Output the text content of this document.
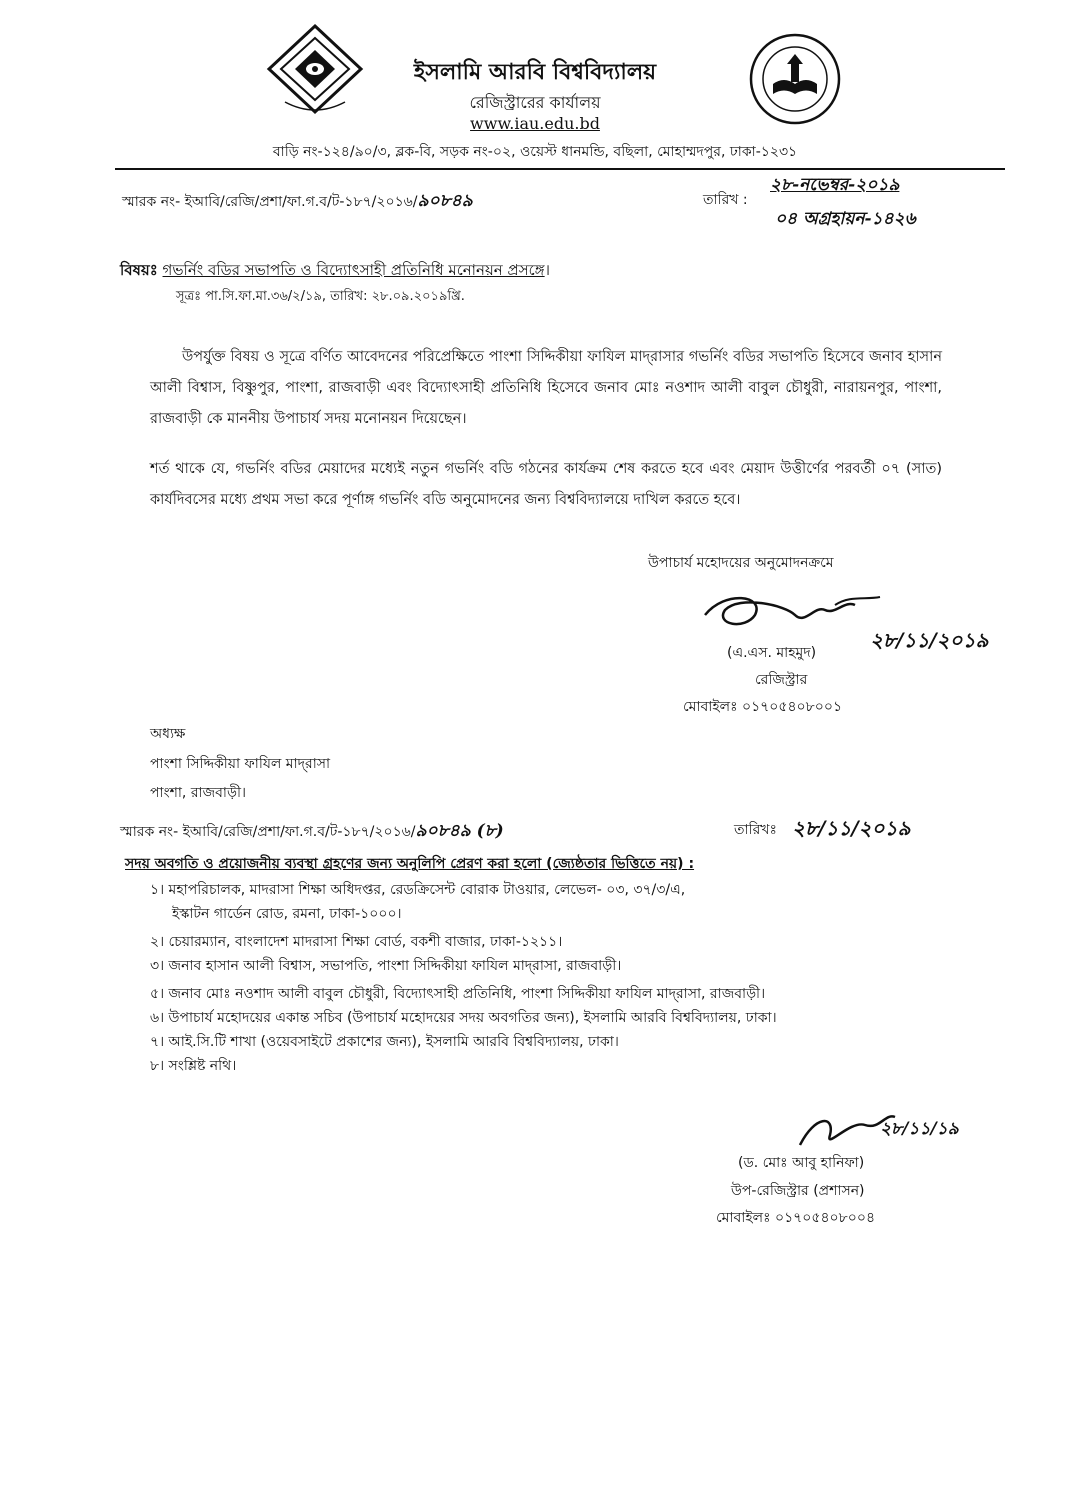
ইসলামি আরবি বিশ্ববিদ্যালয়
রেজিস্ট্রারের কার্যালয়
www.iau.edu.bd
বাড়ি নং-১২৪/৯০/৩, ব্লক-বি, সড়ক নং-০২, ওয়েস্ট ধানমন্ডি, বছিলা, মোহাম্মদপুর, ঢাকা-১২৩১
স্মারক নং- ইআবি/রেজি/প্রশা/ফা.গ.ব/ট-১৮৭/২০১৬/৯০৮৪৯	তারিখ :
২৮-নভেম্বর-২০১৯
০৪ অগ্রহায়ন-১৪২৬
বিষয়ঃ গভর্নিং বডির সভাপতি ও বিদ্যোৎসাহী প্রতিনিধি মনোনয়ন প্রসঙ্গে।
সূত্রঃ পা.সি.ফা.মা.৩৬/২/১৯, তারিখ: ২৮.০৯.২০১৯খ্রি.
উপর্যুক্ত বিষয় ও সূত্রে বর্ণিত আবেদনের পরিপ্রেক্ষিতে পাংশা সিদ্দিকীয়া ফাযিল মাদ্‌রাসার গভর্নিং বডির সভাপতি হিসেবে জনাব হাসান আলী বিশ্বাস, বিষ্ণুপুর, পাংশা, রাজবাড়ী এবং বিদ্যোৎসাহী প্রতিনিধি হিসেবে জনাব মোঃ নওশাদ আলী বাবুল চৌধুরী, নারায়নপুর, পাংশা, রাজবাড়ী কে মাননীয় উপাচার্য সদয় মনোনয়ন দিয়েছেন।
শর্ত থাকে যে, গভর্নিং বডির মেয়াদের মধ্যেই নতুন গভর্নিং বডি গঠনের কার্যক্রম শেষ করতে হবে এবং মেয়াদ উত্তীর্ণের পরবর্তী ০৭ (সাত) কার্যদিবসের মধ্যে প্রথম সভা করে পূর্ণাঙ্গ গভর্নিং বডি অনুমোদনের জন্য বিশ্ববিদ্যালয়ে দাখিল করতে হবে।
উপাচার্য মহোদয়ের অনুমোদনক্রমে
২৮/১১/২০১৯
(এ.এস. মাহমুদ)
রেজিস্ট্রার
মোবাইলঃ ০১৭০৫৪০৮০০১
অধ্যক্ষ
পাংশা সিদ্দিকীয়া ফাযিল মাদ্‌রাসা
পাংশা, রাজবাড়ী।
স্মারক নং- ইআবি/রেজি/প্রশা/ফা.গ.ব/ট-১৮৭/২০১৬/৯০৮৪৯ (৮)	তারিখঃ ২৮/১১/২০১৯
সদয় অবগতি ও প্রয়োজনীয় ব্যবস্থা গ্রহণের জন্য অনুলিপি প্রেরণ করা হলো (জ্যেষ্ঠতার ভিত্তিতে নয়) :
১। মহাপরিচালক, মাদরাসা শিক্ষা অধিদপ্তর, রেডক্রিসেন্ট বোরাক টাওয়ার, লেভেল- ০৩, ৩৭/৩/এ,
ইস্কাটন গার্ডেন রোড, রমনা, ঢাকা-১০০০।
২। চেয়ারম্যান, বাংলাদেশ মাদরাসা শিক্ষা বোর্ড, বকশী বাজার, ঢাকা-১২১১।
৩। জনাব হাসান আলী বিশ্বাস, সভাপতি, পাংশা সিদ্দিকীয়া ফাযিল মাদ্‌রাসা, রাজবাড়ী।
৫। জনাব মোঃ নওশাদ আলী বাবুল চৌধুরী, বিদ্যোৎসাহী প্রতিনিধি, পাংশা সিদ্দিকীয়া ফাযিল মাদ্‌রাসা, রাজবাড়ী।
৬। উপাচার্য মহোদয়ের একান্ত সচিব (উপাচার্য মহোদয়ের সদয় অবগতির জন্য), ইসলামি আরবি বিশ্ববিদ্যালয়, ঢাকা।
৭। আই.সি.টি শাখা (ওয়েবসাইটে প্রকাশের জন্য), ইসলামি আরবি বিশ্ববিদ্যালয়, ঢাকা।
৮। সংশ্লিষ্ট নথি।
২৮/১১/১৯
(ড. মোঃ আবু হানিফা)
উপ-রেজিস্ট্রার (প্রশাসন)
মোবাইলঃ ০১৭০৫৪০৮০০৪
